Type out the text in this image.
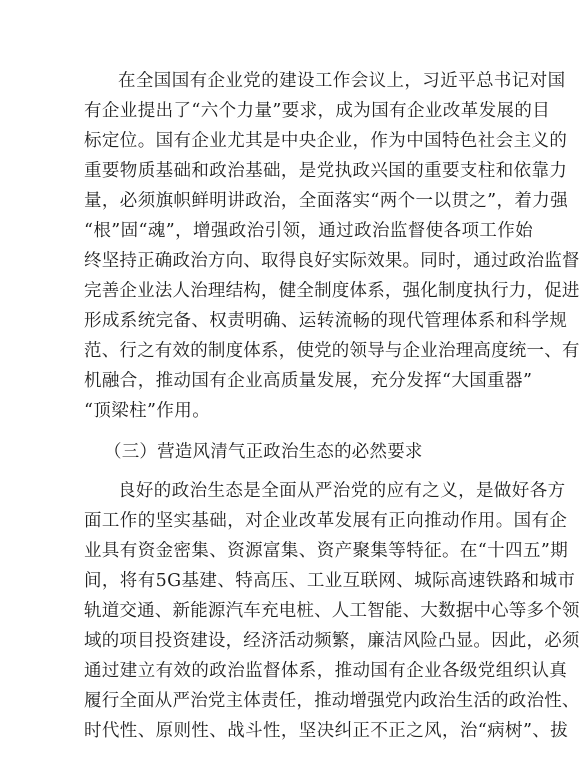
在全国国有企业党的建设工作会议上，习近平总书记对国
有企业提出了“六个力量”要求，成为国有企业改革发展的目
标定位。国有企业尤其是中央企业，作为中国特色社会主义的
重要物质基础和政治基础，是党执政兴国的重要支柱和依靠力
量，必须旗帜鲜明讲政治，全面落实“两个一以贯之”，着力强
“根”固“魂”，增强政治引领，通过政治监督使各项工作始
终坚持正确政治方向、取得良好实际效果。同时，通过政治监督
完善企业法人治理结构，健全制度体系，强化制度执行力，促进
形成系统完备、权责明确、运转流畅的现代管理体系和科学规
范、行之有效的制度体系，使党的领导与企业治理高度统一、有
机融合，推动国有企业高质量发展，充分发挥“大国重器”
“顶梁柱”作用。
（三）营造风清气正政治生态的必然要求
良好的政治生态是全面从严治党的应有之义，是做好各方
面工作的坚实基础，对企业改革发展有正向推动作用。国有企
业具有资金密集、资源富集、资产聚集等特征。在“十四五”期
间，将有5G基建、特高压、工业互联网、城际高速铁路和城市
轨道交通、新能源汽车充电桩、人工智能、大数据中心等多个领
域的项目投资建设，经济活动频繁，廉洁风险凸显。因此，必须
通过建立有效的政治监督体系，推动国有企业各级党组织认真
履行全面从严治党主体责任，推动增强党内政治生活的政治性、
时代性、原则性、战斗性，坚决纠正不正之风，治“病树”、拔
